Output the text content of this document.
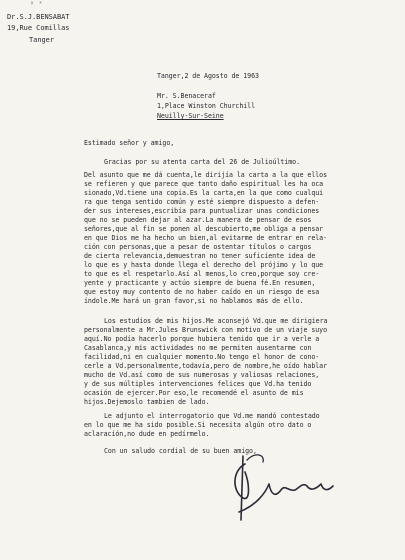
ʸ ˣ
Dr.S.J.BENSABAT
19,Rue Comillas
Tanger
Tanger,2 de Agosto de 1963
Mr. S.Benaceraf
1,Place Winston Churchill
Neuilly-Sur-Seine
Estimado señor y amigo,
Gracias por su atenta carta del 26 de Julioúltimo.
Del asunto que me dá cuenta,le dirijía la carta a la que ellos
se refieren y que parece que tanto daño espiritual les ha oca
sionado,Vd.tiene una copia.Es la carta,en la que como cualqui
ra que tenga sentido común y esté siempre dispuesto a defen-
der sus intereses,escribía para puntualizar unas condiciones
que no se pueden dejar al azar.La manera de pensar de esos
señores,que al fin se ponen al descubierto,me obliga a pensar
en que Dios me ha hecho un bien,al evitarme de entrar en rela-
ción con personas,que a pesar de ostentar títulos o cargos
de cierta relevancia,demuestran no tener suficiente idea de
lo que es y hasta donde llega el derecho del prójimo y lo que
to que es el respetarlo.Así al menos,lo creo,porque soy cre-
yente y practicante y actúo siempre de buena fé.En resumen,
que estoy muy contento de no haber caído en un riesgo de esa
índole.Me hará un gran favor,si no hablamos más de ello.
Los estudios de mis hijos.Me aconsejó Vd.que me dirigiera
personalmente a Mr.Jules Brunswick con motivo de un viaje suyo
aquí.No podía hacerlo porque hubiera tenido que ir a verle a
Casablanca,y mis actividades no me permiten ausentarme con
facilidad,ni en cualquier momento.No tengo el honor de cono-
cerle a Vd.personalmente,todavía,pero de nombre,he oído hablar
mucho de Vd.así como de sus numerosas y valiosas relaciones,
y de sus múltiples intervenciones felices que Vd.ha tenido
ocasión de ejercer.Por eso,le recomendé el asunto de mis
hijos.Dejemoslo tambien de lado.
Le adjunto el interrogatorio que Vd.me mandó contestado
en lo que me ha sido posible.Si necesita algún otro dato o
aclaración,no dude en pedírmelo.
Con un saludo cordial de su buen amigo,
